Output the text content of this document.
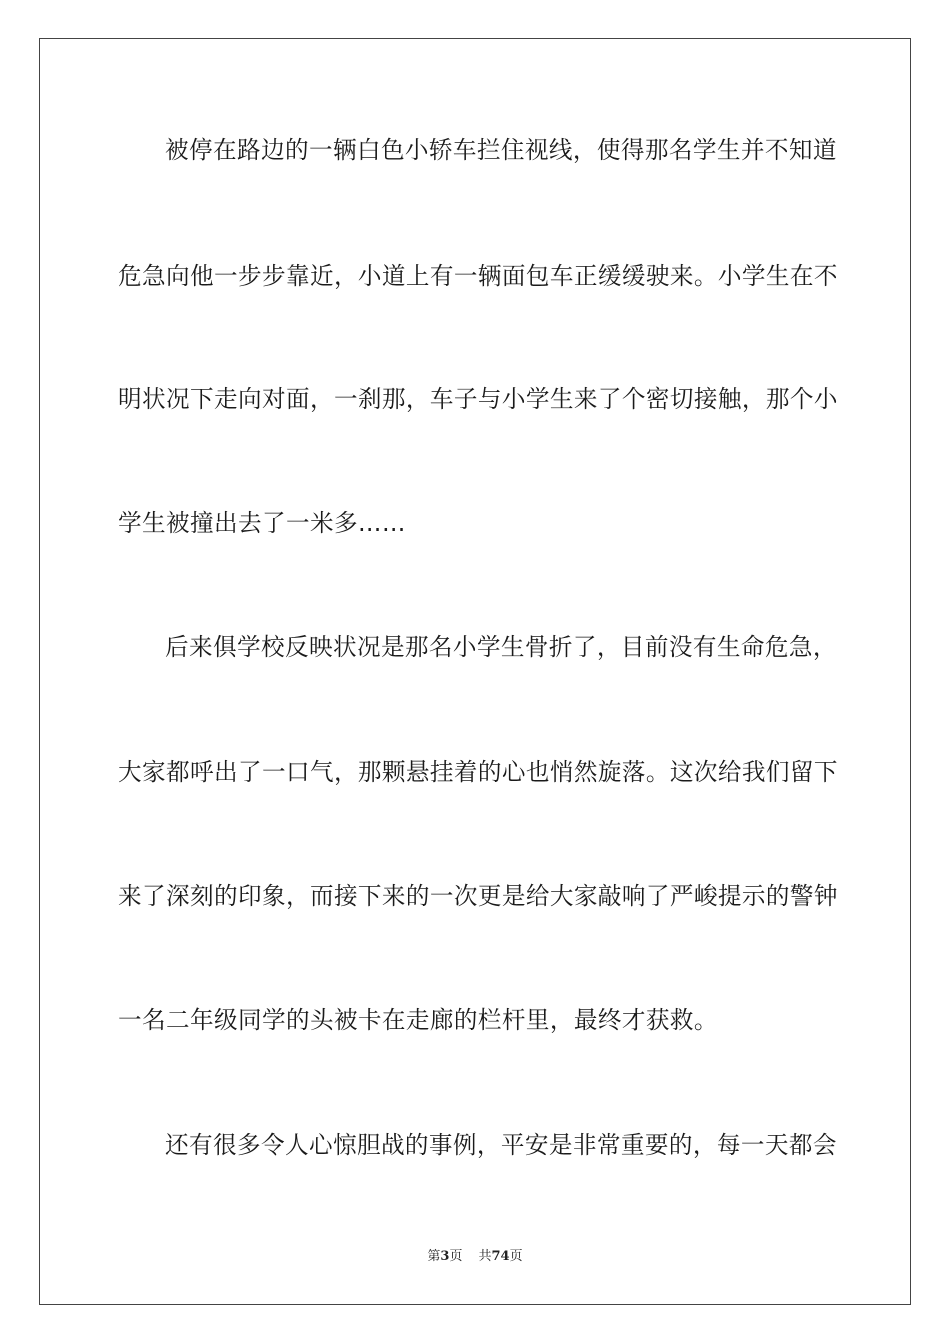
被停在路边的一辆白色小轿车拦住视线，使得那名学生并不知道
危急向他一步步靠近，小道上有一辆面包车正缓缓驶来。小学生在不
明状况下走向对面，一刹那，车子与小学生来了个密切接触，那个小
学生被撞出去了一米多……
后来俱学校反映状况是那名小学生骨折了，目前没有生命危急，
大家都呼出了一口气，那颗悬挂着的心也悄然旋落。这次给我们留下
来了深刻的印象，而接下来的一次更是给大家敲响了严峻提示的警钟
一名二年级同学的头被卡在走廊的栏杆里，最终才获救。
还有很多令人心惊胆战的事例，平安是非常重要的，每一天都会
第3页 共74页
